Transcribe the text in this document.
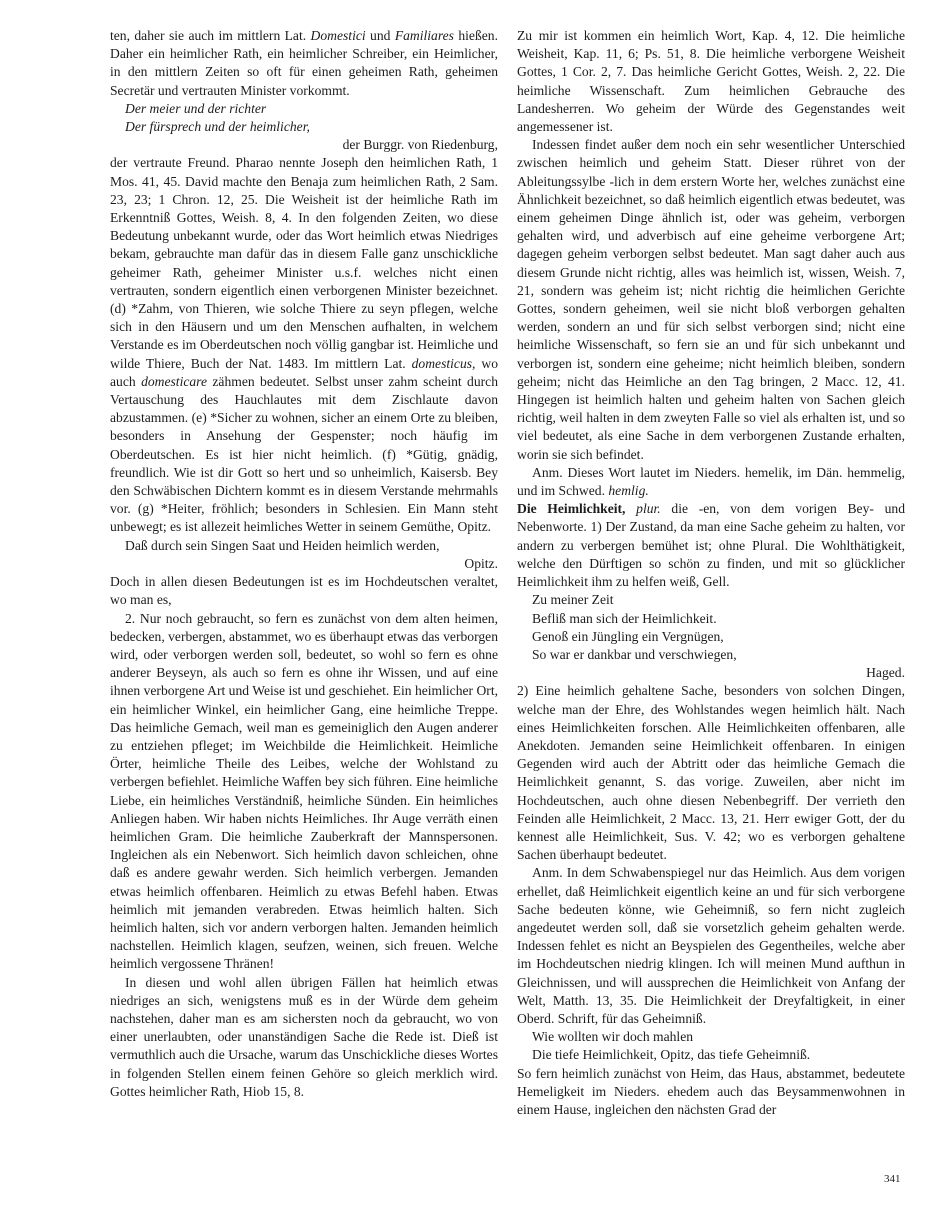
ten, daher sie auch im mittlern Lat. Domestici und Familiares hießen. Daher ein heimlicher Rath, ein heimlicher Schreiber, ein Heimlicher, in den mittlern Zeiten so oft für einen geheimen Rath, geheimen Secretär und vertrauten Minister vorkommt.

Der meier und der richter

Der fürsprech und der heimlicher,

der Burggr. von Riedenburg,

der vertraute Freund. Pharao nennte Joseph den heimlichen Rath, 1 Mos. 41, 45. David machte den Benaja zum heimlichen Rath, 2 Sam. 23, 23; 1 Chron. 12, 25. Die Weisheit ist der heimliche Rath im Erkenntniß Gottes, Weish. 8, 4. In den folgenden Zeiten, wo diese Bedeutung unbekannt wurde, oder das Wort heimlich etwas Niedriges bekam, gebrauchte man dafür das in diesem Falle ganz unschickliche geheimer Rath, geheimer Minister u.s.f. welches nicht einen vertrauten, sondern eigentlich einen verborgenen Minister bezeichnet. (d) *Zahm, von Thieren, wie solche Thiere zu seyn pflegen, welche sich in den Häusern und um den Menschen aufhalten, in welchem Verstande es im Oberdeutschen noch völlig gangbar ist. Heimliche und wilde Thiere, Buch der Nat. 1483. Im mittlern Lat. domesticus, wo auch domesticare zähmen bedeutet. Selbst unser zahm scheint durch Vertauschung des Hauchlautes mit dem Zischlaute davon abzustammen. (e) *Sicher zu wohnen, sicher an einem Orte zu bleiben, besonders in Ansehung der Gespenster; noch häufig im Oberdeutschen. Es ist hier nicht heimlich. (f) *Gütig, gnädig, freundlich. Wie ist dir Gott so hert und so unheimlich, Kaisersb. Bey den Schwäbischen Dichtern kommt es in diesem Verstande mehrmahls vor. (g) *Heiter, fröhlich; besonders in Schlesien. Ein Mann steht unbewegt; es ist allezeit heimliches Wetter in seinem Gemüthe, Opitz.

Daß durch sein Singen Saat und Heiden heimlich werden,

Opitz.

Doch in allen diesen Bedeutungen ist es im Hochdeutschen veraltet, wo man es,

2. Nur noch gebraucht, so fern es zunächst von dem alten heimen, bedecken, verbergen, abstammet, wo es überhaupt etwas das verborgen wird, oder verborgen werden soll, bedeutet, so wohl so fern es ohne anderer Beyseyn, als auch so fern es ohne ihr Wissen, und auf eine ihnen verborgene Art und Weise ist und geschiehet. Ein heimlicher Ort, ein heimlicher Winkel, ein heimlicher Gang, eine heimliche Treppe. Das heimliche Gemach, weil man es gemeiniglich den Augen anderer zu entziehen pfleget; im Weichbilde die Heimlichkeit. Heimliche Örter, heimliche Theile des Leibes, welche der Wohlstand zu verbergen befiehlet. Heimliche Waffen bey sich führen. Eine heimliche Liebe, ein heimliches Verständniß, heimliche Sünden. Ein heimliches Anliegen haben. Wir haben nichts Heimliches. Ihr Auge verräth einen heimlichen Gram. Die heimliche Zauberkraft der Mannspersonen. Ingleichen als ein Nebenwort. Sich heimlich davon schleichen, ohne daß es andere gewahr werden. Sich heimlich verbergen. Jemanden etwas heimlich offenbaren. Heimlich zu etwas Befehl haben. Etwas heimlich mit jemanden verabreden. Etwas heimlich halten. Sich heimlich halten, sich vor andern verborgen halten. Jemanden heimlich nachstellen. Heimlich klagen, seufzen, weinen, sich freuen. Welche heimlich vergossene Thränen!

In diesen und wohl allen übrigen Fällen hat heimlich etwas niedriges an sich, wenigstens muß es in der Würde dem geheim nachstehen, daher man es am sichersten noch da gebraucht, wo von einer unerlaubten, oder unanständigen Sache die Rede ist. Dieß ist vermuthlich auch die Ursache, warum das Unschickliche dieses Wortes in folgenden Stellen einem feinen Gehöre so gleich merklich wird. Gottes heimlicher Rath, Hiob 15, 8.

Zu mir ist kommen ein heimlich Wort, Kap. 4, 12. Die heimliche Weisheit, Kap. 11, 6; Ps. 51, 8. Die heimliche verborgene Weisheit Gottes, 1 Cor. 2, 7. Das heimliche Gericht Gottes, Weish. 2, 22. Die heimliche Wissenschaft. Zum heimlichen Gebrauche des Landesherren. Wo geheim der Würde des Gegenstandes weit angemessener ist.

Indessen findet außer dem noch ein sehr wesentlicher Unterschied zwischen heimlich und geheim Statt. Dieser rühret von der Ableitungssylbe -lich in dem erstern Worte her, welches zunächst eine Ähnlichkeit bezeichnet, so daß heimlich eigentlich etwas bedeutet, was einem geheimen Dinge ähnlich ist, oder was geheim, verborgen gehalten wird, und adverbisch auf eine geheime verborgene Art; dagegen geheim verborgen selbst bedeutet. Man sagt daher auch aus diesem Grunde nicht richtig, alles was heimlich ist, wissen, Weish. 7, 21, sondern was geheim ist; nicht richtig die heimlichen Gerichte Gottes, sondern geheimen, weil sie nicht bloß verborgen gehalten werden, sondern an und für sich selbst verborgen sind; nicht eine heimliche Wissenschaft, so fern sie an und für sich unbekannt und verborgen ist, sondern eine geheime; nicht heimlich bleiben, sondern geheim; nicht das Heimliche an den Tag bringen, 2 Macc. 12, 41. Hingegen ist heimlich halten und geheim halten von Sachen gleich richtig, weil halten in dem zweyten Falle so viel als erhalten ist, und so viel bedeutet, als eine Sache in dem verborgenen Zustande erhalten, worin sie sich befindet.

Anm. Dieses Wort lautet im Nieders. hemelik, im Dän. hemmelig, und im Schwed. hemlig.

Die Heimlichkeit, plur. die -en, von dem vorigen Bey- und Nebenworte. 1) Der Zustand, da man eine Sache geheim zu halten, vor andern zu verbergen bemühet ist; ohne Plural. Die Wohlthätigkeit, welche den Dürftigen so schön zu finden, und mit so glücklicher Heimlichkeit ihm zu helfen weiß, Gell.

Zu meiner Zeit

Befliß man sich der Heimlichkeit.

Genoß ein Jüngling ein Vergnügen,

So war er dankbar und verschwiegen,

Haged.

2) Eine heimlich gehaltene Sache, besonders von solchen Dingen, welche man der Ehre, des Wohlstandes wegen heimlich hält. Nach eines Heimlichkeiten forschen. Alle Heimlichkeiten offenbaren, alle Anekdoten. Jemanden seine Heimlichkeit offenbaren. In einigen Gegenden wird auch der Abtritt oder das heimliche Gemach die Heimlichkeit genannt, S. das vorige. Zuweilen, aber nicht im Hochdeutschen, auch ohne diesen Nebenbegriff. Der verrieth den Feinden alle Heimlichkeit, 2 Macc. 13, 21. Herr ewiger Gott, der du kennest alle Heimlichkeit, Sus. V. 42; wo es verborgen gehaltene Sachen überhaupt bedeutet.

Anm. In dem Schwabenspiegel nur das Heimlich. Aus dem vorigen erhellet, daß Heimlichkeit eigentlich keine an und für sich verborgene Sache bedeuten könne, wie Geheimniß, so fern nicht zugleich angedeutet werden soll, daß sie vorsetzlich geheim gehalten werde. Indessen fehlet es nicht an Beyspielen des Gegentheiles, welche aber im Hochdeutschen niedrig klingen. Ich will meinen Mund aufthun in Gleichnissen, und will aussprechen die Heimlichkeit von Anfang der Welt, Matth. 13, 35. Die Heimlichkeit der Dreyfaltigkeit, in einer Oberd. Schrift, für das Geheimniß.

Wie wollten wir doch mahlen

Die tiefe Heimlichkeit, Opitz, das tiefe Geheimniß.

So fern heimlich zunächst von Heim, das Haus, abstammet, bedeutete Hemeligkeit im Nieders. ehedem auch das Beysammenwohnen in einem Hause, ingleichen den nächsten Grad der

341
